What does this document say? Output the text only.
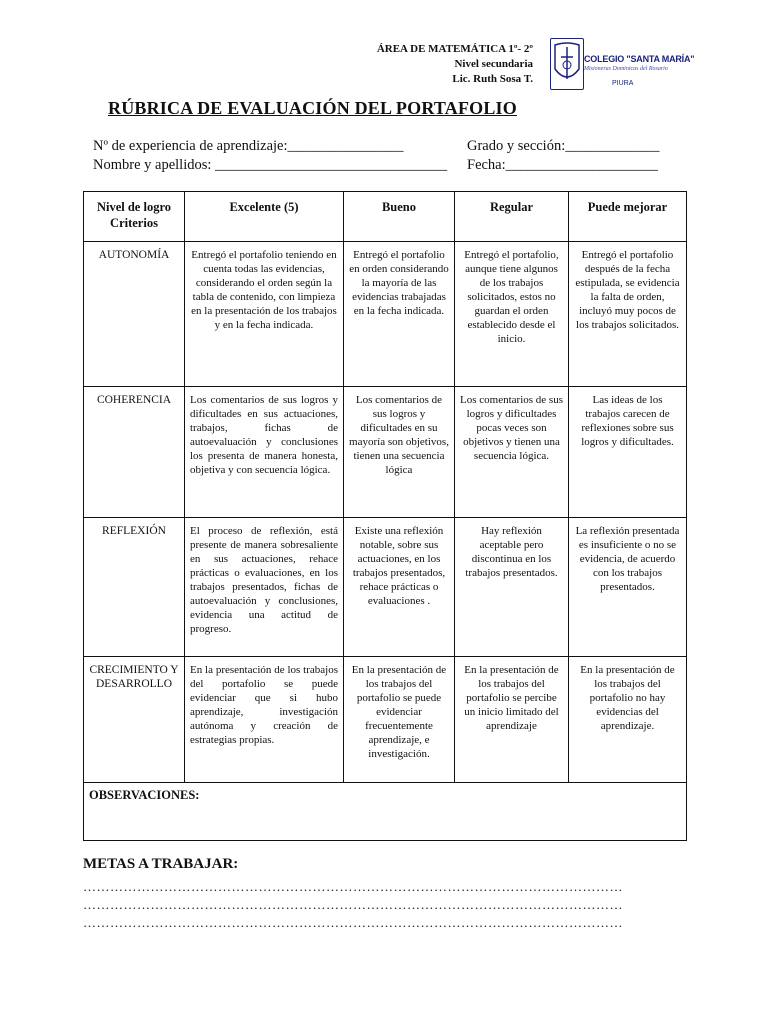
ÁREA DE MATEMÁTICA 1º- 2º
Nivel secundaria
Lic. Ruth Sosa T.
COLEGIO "SANTA MARÍA"
Misioneras Dominicas del Rosario
PIURA
RÚBRICA DE EVALUACIÓN DEL PORTAFOLIO
Nº de experiencia de aprendizaje:________________	Grado y sección:_____________
Nombre y apellidos: ________________________________	Fecha:_____________________
Nivel de logro Criterios	Excelente (5)	Bueno	Regular	Puede mejorar
AUTONOMÍA	Entregó el portafolio teniendo en cuenta todas las evidencias, considerando el orden según la tabla de contenido, con limpieza en la presentación de los trabajos y en la fecha indicada.	Entregó el portafolio en orden considerando la mayoría de las evidencias trabajadas en la fecha indicada.	Entregó el portafolio, aunque tiene algunos de los trabajos solicitados, estos no guardan el orden establecido desde el inicio.	Entregó el portafolio después de la fecha estipulada, se evidencia la falta de orden, incluyó muy pocos de los trabajos solicitados.
COHERENCIA	Los comentarios de sus logros y dificultades en sus actuaciones, trabajos, fichas de autoevaluación y conclusiones los presenta de manera honesta, objetiva y con secuencia lógica.	Los comentarios de sus logros y dificultades en su mayoría son objetivos, tienen una secuencia lógica	Los comentarios de sus logros y dificultades pocas veces son objetivos y tienen una secuencia lógica.	Las ideas de los trabajos carecen de reflexiones sobre sus logros y dificultades.
REFLEXIÓN	El proceso de reflexión, está presente de manera sobresaliente en sus actuaciones, rehace prácticas o evaluaciones, en los trabajos presentados, fichas de autoevaluación y conclusiones, evidencia una actitud de progreso.	Existe una reflexión notable, sobre sus actuaciones, en los trabajos presentados, rehace prácticas o evaluaciones .	Hay reflexión aceptable pero discontinua en los trabajos presentados.	La reflexión presentada es insuficiente o no se evidencia, de acuerdo con los trabajos presentados.
CRECIMIENTO Y DESARROLLO	En la presentación de los trabajos del portafolio se puede evidenciar que si hubo aprendizaje, investigación autónoma y creación de estrategias propias.	En la presentación de los trabajos del portafolio se puede evidenciar frecuentemente aprendizaje, e investigación.	En la presentación de los trabajos del portafolio se percibe un inicio limitado del aprendizaje	En la presentación de los trabajos del portafolio no hay evidencias del aprendizaje.
OBSERVACIONES:				
METAS A TRABAJAR:
…………………………………………………………………………………………………………
…………………………………………………………………………………………………………
…………………………………………………………………………………………………………
